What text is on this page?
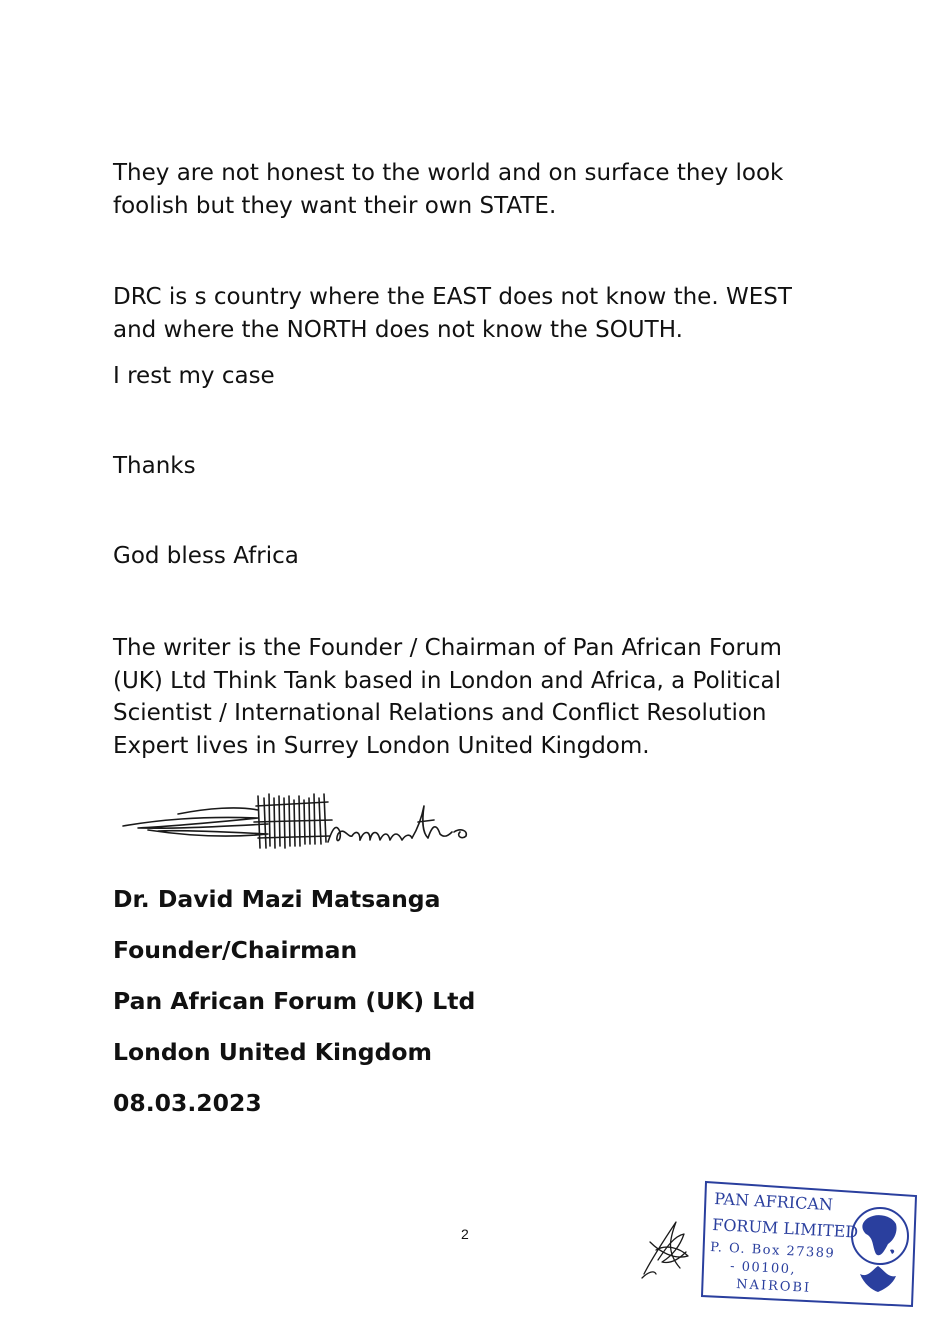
They are not honest to the world and on surface they look foolish but they want their own STATE.

DRC is s country where the EAST does not know the. WEST and where the NORTH does not know the SOUTH.

I rest my case

Thanks

God bless Africa

The writer is the Founder / Chairman of Pan African Forum (UK) Ltd Think Tank based in London and Africa, a Political Scientist / International Relations and Conflict Resolution Expert lives in Surrey London United Kingdom.

Dr. David Mazi Matsanga
Founder/Chairman
Pan African Forum (UK) Ltd
London United Kingdom
08.03.2023
2
PAN AFRICAN
FORUM LIMITED
P. O. Box 27389
- 00100,
NAIROBI
